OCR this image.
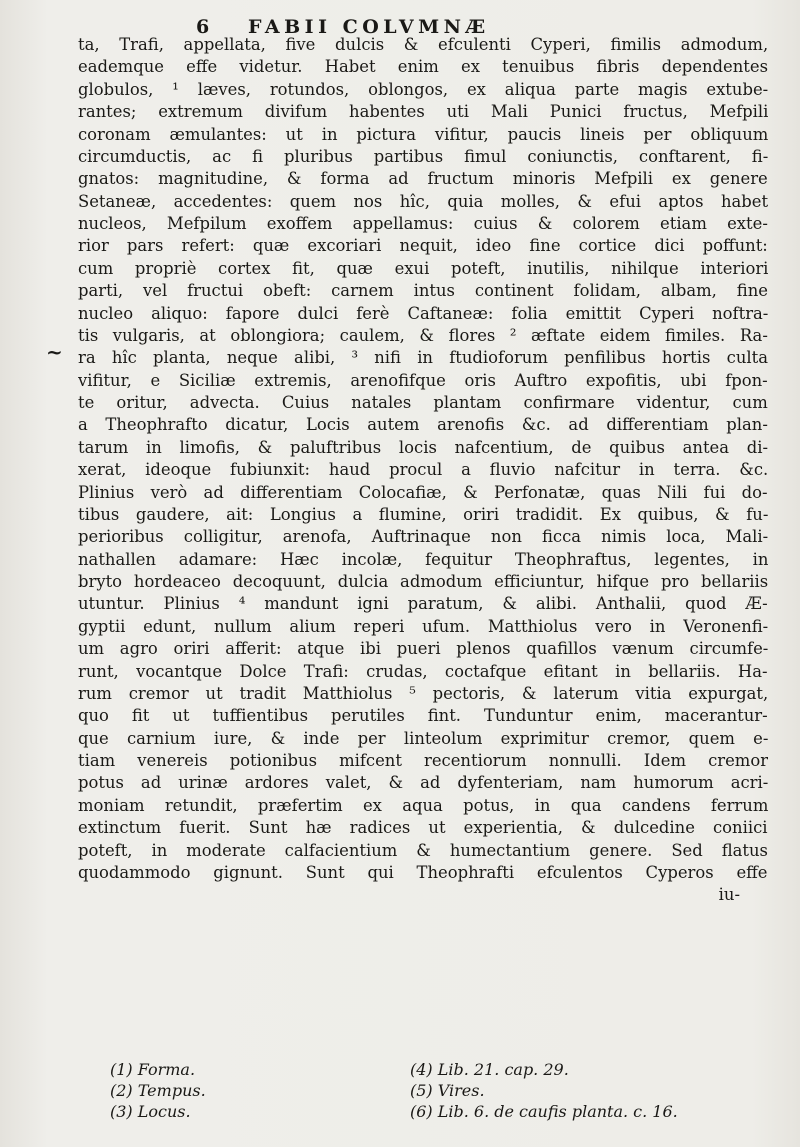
6 FABII COLVMNÆ
~
ta, Trafi, appellata, five dulcis & efculenti Cyperi, fimilis admodum,
eademque effe videtur. Habet enim ex tenuibus fibris dependentes
globulos, ¹ læves, rotundos, oblongos, ex aliqua parte magis extube-
rantes; extremum divifum habentes uti Mali Punici fructus, Mefpili
coronam æmulantes: ut in pictura vifitur, paucis lineis per obliquum
circumductis, ac fi pluribus partibus fimul coniunctis, conftarent, fi-
gnatos: magnitudine, & forma ad fructum minoris Mefpili ex genere
Setaneæ, accedentes: quem nos hîc, quia molles, & efui aptos habet
nucleos, Mefpilum exoffem appellamus: cuius & colorem etiam exte-
rior pars refert: quæ excoriari nequit, ideo fine cortice dici poffunt:
cum propriè cortex fit, quæ exui poteft, inutilis, nihilque interiori
parti, vel fructui obeft: carnem intus continent folidam, albam, fine
nucleo aliquo: fapore dulci ferè Caftaneæ: folia emittit Cyperi noftra-
tis vulgaris, at oblongiora; caulem, & flores ² æftate eidem fimiles. Ra-
ra hîc planta, neque alibi, ³ nifi in ftudioforum penfilibus hortis culta
vifitur, e Siciliæ extremis, arenofifque oris Auftro expofitis, ubi fpon-
te oritur, advecta. Cuius natales plantam confirmare videntur, cum
a Theophrafto dicatur, Locis autem arenofis &c. ad differentiam plan-
tarum in limofis, & paluftribus locis nafcentium, de quibus antea di-
xerat, ideoque fubiunxit: haud procul a fluvio nafcitur in terra. &c.
Plinius verò ad differentiam Colocafiæ, & Perfonatæ, quas Nili fui do-
tibus gaudere, ait: Longius a flumine, oriri tradidit. Ex quibus, & fu-
perioribus colligitur, arenofa, Auftrinaque non ficca nimis loca, Mali-
nathallen adamare: Hæc incolæ, fequitur Theophraftus, legentes, in
bryto hordeaceo decoquunt, dulcia admodum efficiuntur, hifque pro bellariis
utuntur. Plinius ⁴ mandunt igni paratum, & alibi. Anthalii, quod Æ-
gyptii edunt, nullum alium reperi ufum. Matthiolus vero in Veronenfi-
um agro oriri afferit: atque ibi pueri plenos quafillos vænum circumfe-
runt, vocantque Dolce Trafi: crudas, coctafque efitant in bellariis. Ha-
rum cremor ut tradit Matthiolus ⁵ pectoris, & laterum vitia expurgat,
quo fit ut tuffientibus perutiles fint. Tunduntur enim, macerantur-
que carnium iure, & inde per linteolum exprimitur cremor, quem e-
tiam venereis potionibus mifcent recentiorum nonnulli. Idem cremor
potus ad urinæ ardores valet, & ad dyfenteriam, nam humorum acri-
moniam retundit, præfertim ex aqua potus, in qua candens ferrum
extinctum fuerit. Sunt hæ radices ut experientia, & dulcedine coniici
poteft, in moderate calfacientium & humectantium genere. Sed flatus
quodammodo gignunt. Sunt qui Theophrafti efculentos Cyperos effe
iu-
(1) Forma.	(4) Lib. 21. cap. 29.
(2) Tempus.	(5) Vires.
(3) Locus.	(6) Lib. 6. de caufis planta. c. 16.
